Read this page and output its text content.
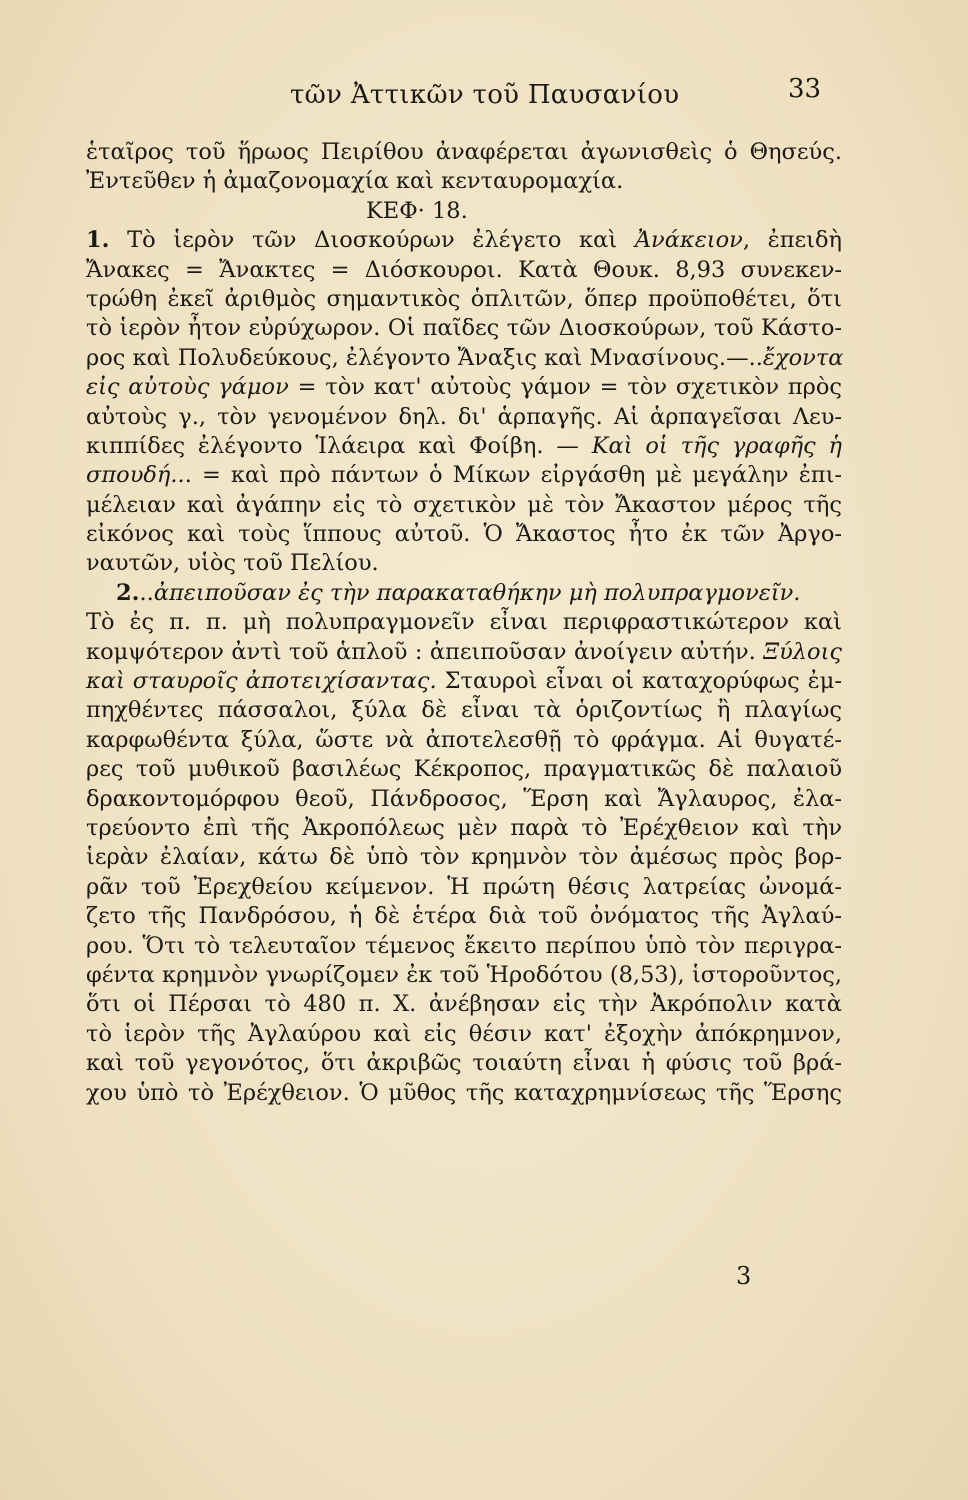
τῶν Ἀττικῶν τοῦ Παυσανίου	33
ἑταῖρος τοῦ ἥρωος Πειρίθου ἀναφέρεται ἀγωνισθεὶς ὁ Θησεύς.
Ἐντεῦθεν ἡ ἀμαζονομαχία καὶ κενταυρομαχία.
ΚΕΦ· 18.
1. Τὸ ἱερὸν τῶν Διοσκούρων ἐλέγετο καὶ Ἀνάκειον, ἐπειδὴ
Ἄνακες = Ἄνακτες = Διόσκουροι. Κατὰ Θουκ. 8,93 συνεκεν-
τρώθη ἐκεῖ ἀριθμὸς σημαντικὸς ὁπλιτῶν, ὅπερ προϋποθέτει, ὅτι
τὸ ἱερὸν ἦτον εὐρύχωρον. Οἱ παῖδες τῶν Διοσκούρων, τοῦ Κάστο-
ρος καὶ Πολυδεύκους, ἐλέγοντο Ἄναξις καὶ Μνασίνους.—..ἔχοντα
εἰς αὐτοὺς γάμον = τὸν κατ' αὐτοὺς γάμον = τὸν σχετικὸν πρὸς
αὐτοὺς γ., τὸν γενομένον δηλ. δι' ἁρπαγῆς. Αἱ ἁρπαγεῖσαι Λευ-
κιππίδες ἐλέγοντο Ἱλάειρα καὶ Φοίβη. — Καὶ οἱ τῆς γραφῆς ἡ
σπουδή... = καὶ πρὸ πάντων ὁ Μίκων εἰργάσθη μὲ μεγάλην ἐπι-
μέλειαν καὶ ἀγάπην εἰς τὸ σχετικὸν μὲ τὸν Ἄκαστον μέρος τῆς
εἰκόνος καὶ τοὺς ἵππους αὐτοῦ. Ὁ Ἄκαστος ἦτο ἐκ τῶν Ἀργο-
ναυτῶν, υἱὸς τοῦ Πελίου.
2...ἀπειποῦσαν ἐς τὴν παρακαταθήκην μὴ πολυπραγμονεῖν.
Τὸ ἐς π. π. μὴ πολυπραγμονεῖν εἶναι περιφραστικώτερον καὶ
κομψότερον ἀντὶ τοῦ ἁπλοῦ : ἀπειποῦσαν ἀνοίγειν αὐτήν. Ξύλοις
καὶ σταυροῖς ἀποτειχίσαντας. Σταυροὶ εἶναι οἱ καταχορύφως ἐμ-
πηχθέντες πάσσαλοι, ξύλα δὲ εἶναι τὰ ὁριζοντίως ἢ πλαγίως
καρφωθέντα ξύλα, ὥστε νὰ ἀποτελεσθῇ τὸ φράγμα. Αἱ θυγατέ-
ρες τοῦ μυθικοῦ βασιλέως Κέκροπος, πραγματικῶς δὲ παλαιοῦ
δρακοντομόρφου θεοῦ, Πάνδροσος, Ἕρση καὶ Ἄγλαυρος, ἐλα-
τρεύοντο ἐπὶ τῆς Ἀκροπόλεως μὲν παρὰ τὸ Ἐρέχθειον καὶ τὴν
ἱερὰν ἐλαίαν, κάτω δὲ ὑπὸ τὸν κρημνὸν τὸν ἀμέσως πρὸς βορ-
ρᾶν τοῦ Ἐρεχθείου κείμενον. Ἡ πρώτη θέσις λατρείας ὠνομά-
ζετο τῆς Πανδρόσου, ἡ δὲ ἑτέρα διὰ τοῦ ὀνόματος τῆς Ἀγλαύ-
ρου. Ὅτι τὸ τελευταῖον τέμενος ἔκειτο περίπου ὑπὸ τὸν περιγρα-
φέντα κρημνὸν γνωρίζομεν ἐκ τοῦ Ἡροδότου (8,53), ἱστοροῦντος,
ὅτι οἱ Πέρσαι τὸ 480 π. Χ. ἀνέβησαν εἰς τὴν Ἀκρόπολιν κατὰ
τὸ ἱερὸν τῆς Ἀγλαύρου καὶ εἰς θέσιν κατ' ἐξοχὴν ἀπόκρημνον,
καὶ τοῦ γεγονότος, ὅτι ἀκριβῶς τοιαύτη εἶναι ἡ φύσις τοῦ βρά-
χου ὑπὸ τὸ Ἐρέχθειον. Ὁ μῦθος τῆς καταχρημνίσεως τῆς Ἕρσης
3
